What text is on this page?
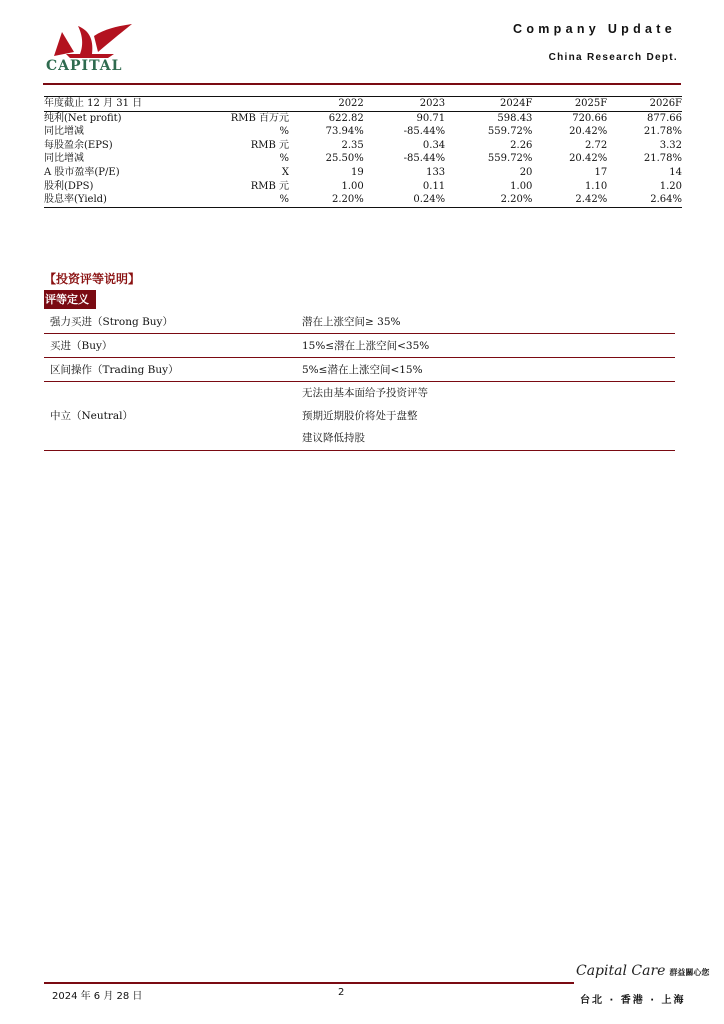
CAPITAL
Company Update
China Research Dept.
年度截止 12 月 31 日		2022	2023	2024F	2025F	2026F
纯利(Net profit)	RMB 百万元	622.82	90.71	598.43	720.66	877.66
同比增减	%	73.94%	-85.44%	559.72%	20.42%	21.78%
每股盈余(EPS)	RMB 元	2.35	0.34	2.26	2.72	3.32
同比增减	%	25.50%	-85.44%	559.72%	20.42%	21.78%
A 股市盈率(P/E)	X	19	133	20	17	14
股利(DPS)	RMB 元	1.00	0.11	1.00	1.10	1.20
股息率(Yield)	%	2.20%	0.24%	2.20%	2.42%	2.64%
【投资评等说明】
评等定义
强力买进（Strong Buy）	潜在上涨空间≥ 35%
买进（Buy）	15%≤潜在上涨空间<35%
区间操作（Trading Buy）	5%≤潜在上涨空间<15%
中立（Neutral）	无法由基本面给予投资评等
预期近期股价将处于盘整
建议降低持股
2024 年 6 月 28 日	2
Capital Care 群益關心您
台北 · 香港 · 上海
